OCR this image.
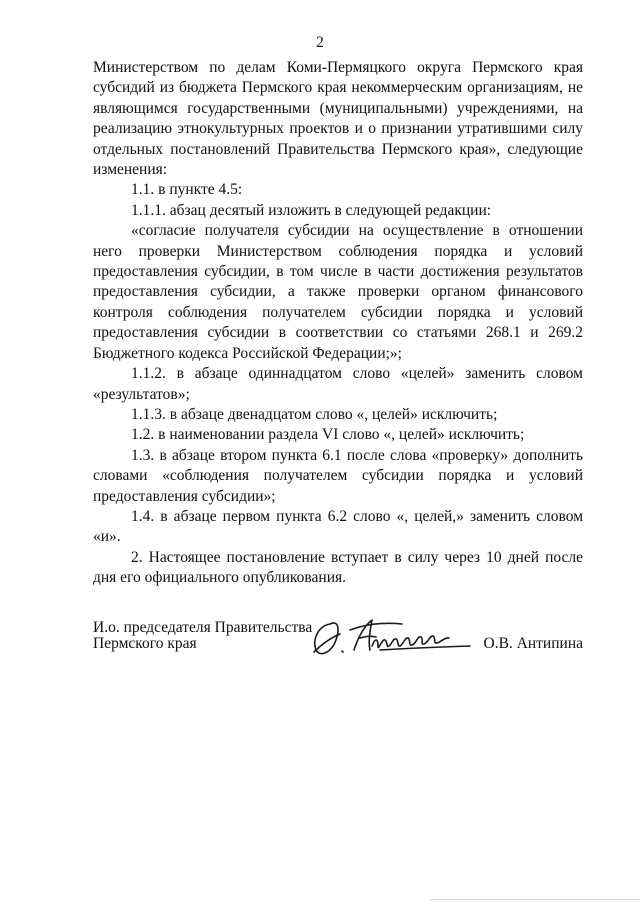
2

Министерством по делам Коми-Пермяцкого округа Пермского края субсидий из бюджета Пермского края некоммерческим организациям, не являющимся государственными (муниципальными) учреждениями, на реализацию этнокультурных проектов и о признании утратившими силу отдельных постановлений Правительства Пермского края», следующие изменения:

1.1. в пункте 4.5:

1.1.1. абзац десятый изложить в следующей редакции:

«согласие получателя субсидии на осуществление в отношении него проверки Министерством соблюдения порядка и условий предоставления субсидии, в том числе в части достижения результатов предоставления субсидии, а также проверки органом финансового контроля соблюдения получателем субсидии порядка и условий предоставления субсидии в соответствии со статьями 268.1 и 269.2 Бюджетного кодекса Российской Федерации;»;

1.1.2. в абзаце одиннадцатом слово «целей» заменить словом «результатов»;

1.1.3. в абзаце двенадцатом слово «, целей» исключить;

1.2. в наименовании раздела VI слово «, целей» исключить;

1.3. в абзаце втором пункта 6.1 после слова «проверку» дополнить словами «соблюдения получателем субсидии порядка и условий предоставления субсидии»;

1.4. в абзаце первом пункта 6.2 слово «, целей,» заменить словом «и».

2. Настоящее постановление вступает в силу через 10 дней после дня его официального опубликования.

И.о. председателя Правительства Пермского края	О.В. Антипина
